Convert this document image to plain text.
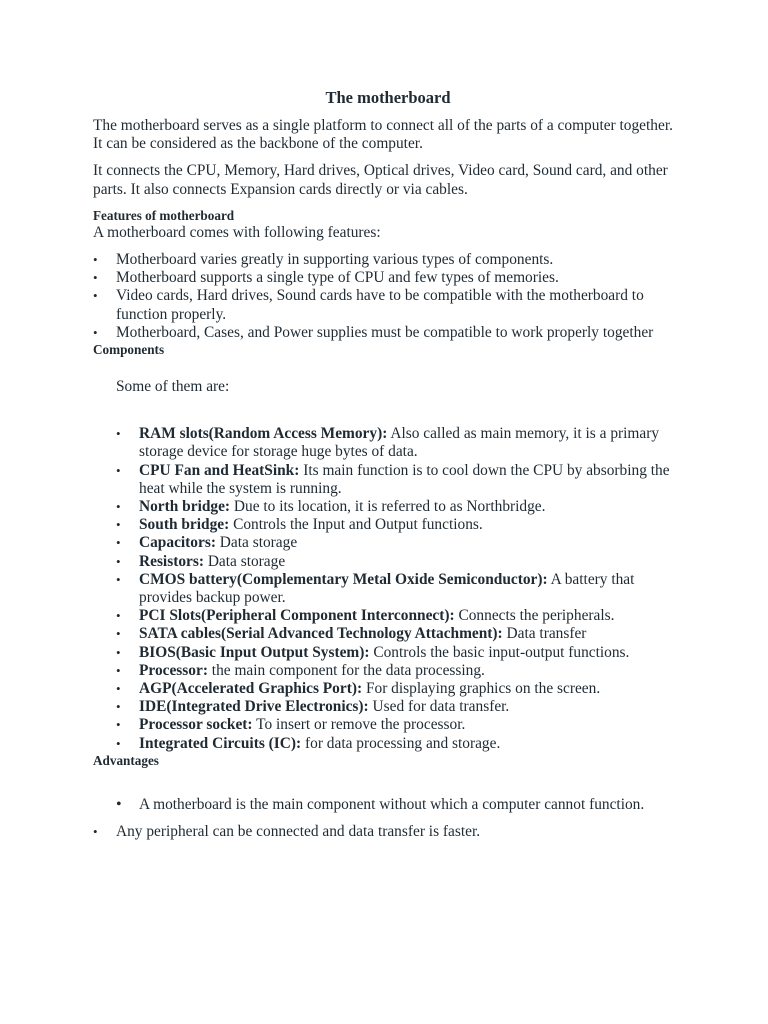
The motherboard

The motherboard serves as a single platform to connect all of the parts of a computer together. It can be considered as the backbone of the computer.

It connects the CPU, Memory, Hard drives, Optical drives, Video card, Sound card, and other parts. It also connects Expansion cards directly or via cables.

Features of motherboard

A motherboard comes with following features:

• Motherboard varies greatly in supporting various types of components.
• Motherboard supports a single type of CPU and few types of memories.
• Video cards, Hard drives, Sound cards have to be compatible with the motherboard to function properly.
• Motherboard, Cases, and Power supplies must be compatible to work properly together
Components

Some of them are:

• RAM slots(Random Access Memory): Also called as main memory, it is a primary storage device for storage huge bytes of data.
• CPU Fan and HeatSink: Its main function is to cool down the CPU by absorbing the heat while the system is running.
• North bridge: Due to its location, it is referred to as Northbridge.
• South bridge: Controls the Input and Output functions.
• Capacitors: Data storage
• Resistors: Data storage
• CMOS battery(Complementary Metal Oxide Semiconductor): A battery that provides backup power.
• PCI Slots(Peripheral Component Interconnect): Connects the peripherals.
• SATA cables(Serial Advanced Technology Attachment): Data transfer
• BIOS(Basic Input Output System): Controls the basic input-output functions.
• Processor: the main component for the data processing.
• AGP(Accelerated Graphics Port): For displaying graphics on the screen.
• IDE(Integrated Drive Electronics): Used for data transfer.
• Processor socket: To insert or remove the processor.
• Integrated Circuits (IC): for data processing and storage.
Advantages
• A motherboard is the main component without which a computer cannot function.
• Any peripheral can be connected and data transfer is faster.
